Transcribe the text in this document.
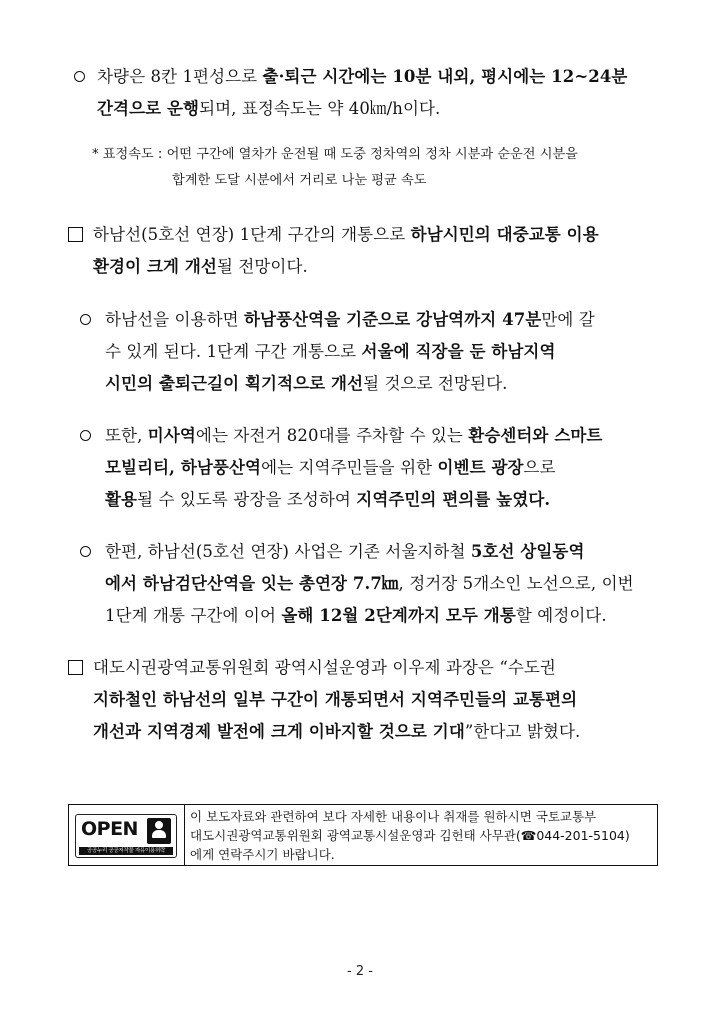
차량은 8칸 1편성으로 출·퇴근 시간에는 10분 내외, 평시에는 12~24분
간격으로 운행되며, 표정속도는 약 40㎞/h이다.
* 표정속도 : 어떤 구간에 열차가 운전될 때 도중 정차역의 정차 시분과 순운전 시분을
합계한 도달 시분에서 거리로 나눈 평균 속도
하남선(5호선 연장) 1단계 구간의 개통으로 하남시민의 대중교통 이용
환경이 크게 개선될 전망이다.
하남선을 이용하면 하남풍산역을 기준으로 강남역까지 47분만에 갈
수 있게 된다. 1단계 구간 개통으로 서울에 직장을 둔 하남지역
시민의 출퇴근길이 획기적으로 개선될 것으로 전망된다.
또한, 미사역에는 자전거 820대를 주차할 수 있는 환승센터와 스마트
모빌리티, 하남풍산역에는 지역주민들을 위한 이벤트 광장으로
활용될 수 있도록 광장을 조성하여 지역주민의 편의를 높였다.
한편, 하남선(5호선 연장) 사업은 기존 서울지하철 5호선 상일동역
에서 하남검단산역을 잇는 총연장 7.7㎞, 정거장 5개소인 노선으로, 이번
1단계 개통 구간에 이어 올해 12월 2단계까지 모두 개통할 예정이다.
대도시권광역교통위원회 광역시설운영과 이우제 과장은 “수도권
지하철인 하남선의 일부 구간이 개통되면서 지역주민들의 교통편의
개선과 지역경제 발전에 크게 이바지할 것으로 기대”한다고 밝혔다.
OPEN
공공누리 공공저작물 자유이용허락
이 보도자료와 관련하여 보다 자세한 내용이나 취재를 원하시면 국토교통부
대도시권광역교통위원회 광역교통시설운영과 김헌태 사무관(☎044-201-5104)
에게 연락주시기 바랍니다.
- 2 -
